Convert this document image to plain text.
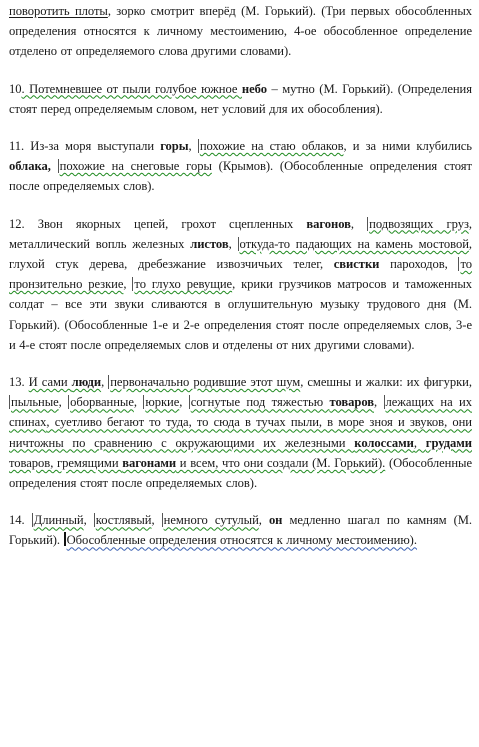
поворотить плоты, зорко смотрит вперёд (М. Горький). (Три первых обособленных определения относятся к личному местоимению, 4-ое обособленное определение отделено от определяемого слова другими словами).

10. Потемневшее от пыли голубое южное небо – мутно (М. Горький). (Определения стоят перед определяемым словом, нет условий для их обособления).

11. Из-за моря выступали горы, похожие на стаю облаков, и за ними клубились облака, похожие на снеговые горы (Крымов). (Обособленные определения стоят после определяемых слов).

12. Звон якорных цепей, грохот сцепленных вагонов, подвозящих груз, металлический вопль железных листов, откуда-то падающих на камень мостовой, глухой стук дерева, дребезжание извозчичьих телег, свистки пароходов, то пронзительно резкие, то глухо ревущие, крики грузчиков матросов и таможенных солдат – все эти звуки сливаются в оглушительную музыку трудового дня (М. Горький). (Обособленные 1-е и 2-е определения стоят после определяемых слов, 3-е и 4-е стоят после определяемых слов и отделены от них другими словами).

13. И сами люди, первоначально родившие этот шум, смешны и жалки: их фигурки, пыльные, оборванные, юркие, согнутые под тяжестью товаров, лежащих на их спинах, суетливо бегают то туда, то сюда в тучах пыли, в море зноя и звуков, они ничтожны по сравнению с окружающими их железными колоссами, грудами товаров, гремящими вагонами и всем, что они создали (М. Горький). (Обособленные определения стоят после определяемых слов).

14. Длинный, костлявый, немного сутулый, он медленно шагал по камням (М. Горький). Обособленные определения относятся к личному местоимению).
